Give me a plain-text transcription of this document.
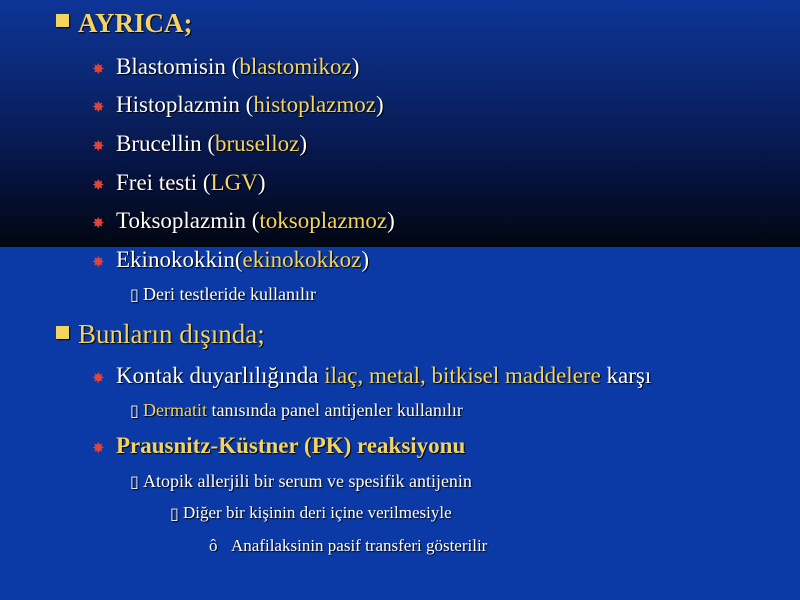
AYRICA;
✸ Blastomisin (blastomikoz)
✸ Histoplazmin (histoplazmoz)
✸ Brucellin (bruselloz)
✸ Frei testi (LGV)
✸ Toksoplazmin (toksoplazmoz)
✸ Ekinokokkin(ekinokokkoz)
▯ Deri testleride kullanılır
Bunların dışında;
✸ Kontak duyarlılığında ilaç, metal, bitkisel maddelere karşı
▯ Dermatit tanısında panel antijenler kullanılır
✸ Prausnitz-Küstner (PK) reaksiyonu
▯ Atopik allerjili bir serum ve spesifik antijenin
▯ Diğer bir kişinin deri içine verilmesiyle
ô Anafilaksinin pasif transferi gösterilir
